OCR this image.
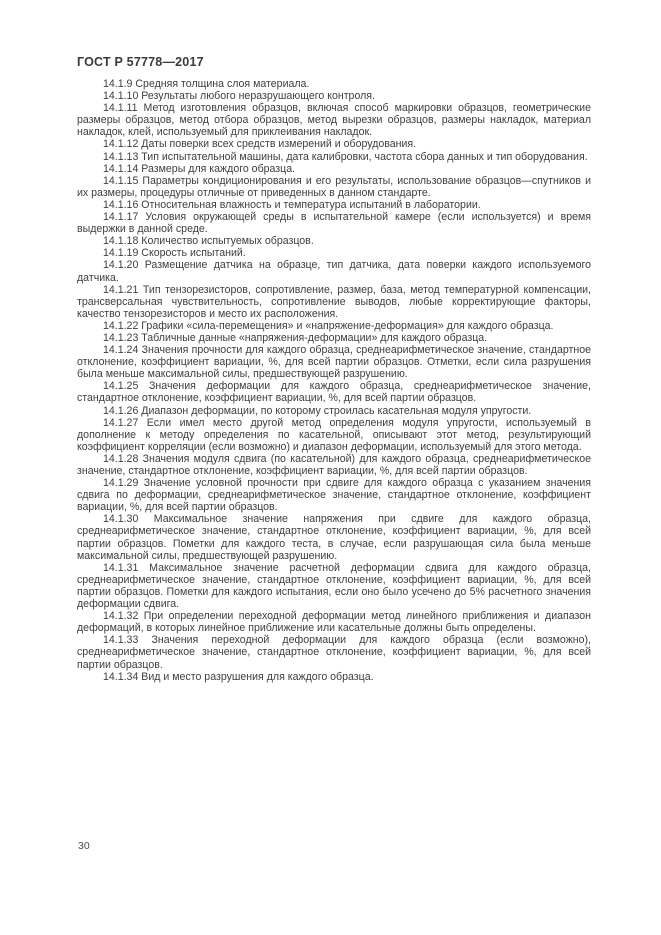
ГОСТ Р 57778—2017

14.1.9 Средняя толщина слоя материала.

14.1.10 Результаты любого неразрушающего контроля.

14.1.11 Метод изготовления образцов, включая способ маркировки образцов, геометрические размеры образцов, метод отбора образцов, метод вырезки образцов, размеры накладок, материал накладок, клей, используемый для приклеивания накладок.

14.1.12 Даты поверки всех средств измерений и оборудования.

14.1.13 Тип испытательной машины, дата калибровки, частота сбора данных и тип оборудования.

14.1.14 Размеры для каждого образца.

14.1.15 Параметры кондиционирования и его результаты, использование образцов—спутников и их размеры, процедуры отличные от приведенных в данном стандарте.

14.1.16 Относительная влажность и температура испытаний в лаборатории.

14.1.17 Условия окружающей среды в испытательной камере (если используется) и время выдержки в данной среде.

14.1.18 Количество испытуемых образцов.

14.1.19 Скорость испытаний.

14.1.20 Размещение датчика на образце, тип датчика, дата поверки каждого используемого датчика.

14.1.21 Тип тензорезисторов, сопротивление, размер, база, метод температурной компенсации, трансверсальная чувствительность, сопротивление выводов, любые корректирующие факторы, качество тензорезисторов и место их расположения.

14.1.22 Графики «сила-перемещения» и «напряжение-деформация» для каждого образца.

14.1.23 Табличные данные «напряжения-деформации» для каждого образца.

14.1.24 Значения прочности для каждого образца, среднеарифметическое значение, стандартное отклонение, коэффициент вариации, %, для всей партии образцов. Отметки, если сила разрушения была меньше максимальной силы, предшествующей разрушению.

14.1.25 Значения деформации для каждого образца, среднеарифметическое значение, стандартное отклонение, коэффициент вариации, %, для всей партии образцов.

14.1.26 Диапазон деформации, по которому строилась касательная модуля упругости.

14.1.27 Если имел место другой метод определения модуля упругости, используемый в дополнение к методу определения по касательной, описывают этот метод, результирующий коэффициент корреляции (если возможно) и диапазон деформации, используемый для этого метода.

14.1.28 Значения модуля сдвига (по касательной) для каждого образца, среднеарифметическое значение, стандартное отклонение, коэффициент вариации, %, для всей партии образцов.

14.1.29 Значение условной прочности при сдвиге для каждого образца с указанием значения сдвига по деформации, среднеарифметическое значение, стандартное отклонение, коэффициент вариации, %, для всей партии образцов.

14.1.30 Максимальное значение напряжения при сдвиге для каждого образца, среднеарифметическое значение, стандартное отклонение, коэффициент вариации, %, для всей партии образцов. Пометки для каждого теста, в случае, если разрушающая сила была меньше максимальной силы, предшествующей разрушению.

14.1.31 Максимальное значение расчетной деформации сдвига для каждого образца, среднеарифметическое значение, стандартное отклонение, коэффициент вариации, %, для всей партии образцов. Пометки для каждого испытания, если оно было усечено до 5% расчетного значения деформации сдвига.

14.1.32 При определении переходной деформации метод линейного приближения и диапазон деформаций, в которых линейное приближение или касательные должны быть определены.

14.1.33 Значения переходной деформации для каждого образца (если возможно), среднеарифметическое значение, стандартное отклонение, коэффициент вариации, %, для всей партии образцов.

14.1.34 Вид и место разрушения для каждого образца.

30
